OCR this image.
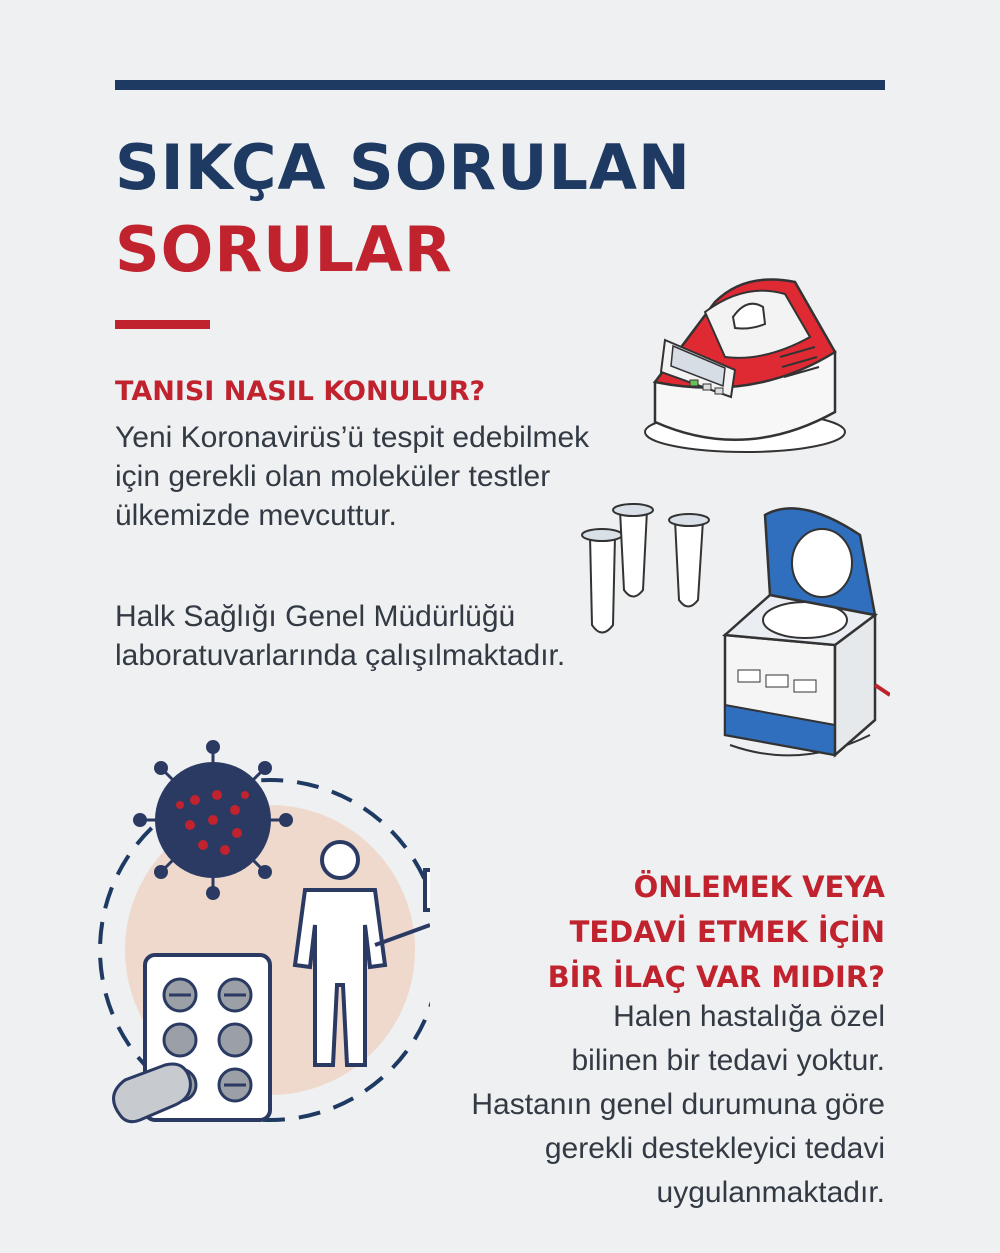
SIKÇA SORULAN
SORULAR
TANISI NASIL KONULUR?

Yeni Koronavirüs’ü tespit edebilmek

için gerekli olan moleküler testler

ülkemizde mevcuttur.

Halk Sağlığı Genel Müdürlüğü

laboratuvarlarında çalışılmaktadır.

ÖNLEMEK VEYA

TEDAVİ ETMEK İÇİN

BİR İLAÇ VAR MIDIR?

Halen hastalığa özel

bilinen bir tedavi yoktur.

Hastanın genel durumuna göre

gerekli destekleyici tedavi

uygulanmaktadır.
